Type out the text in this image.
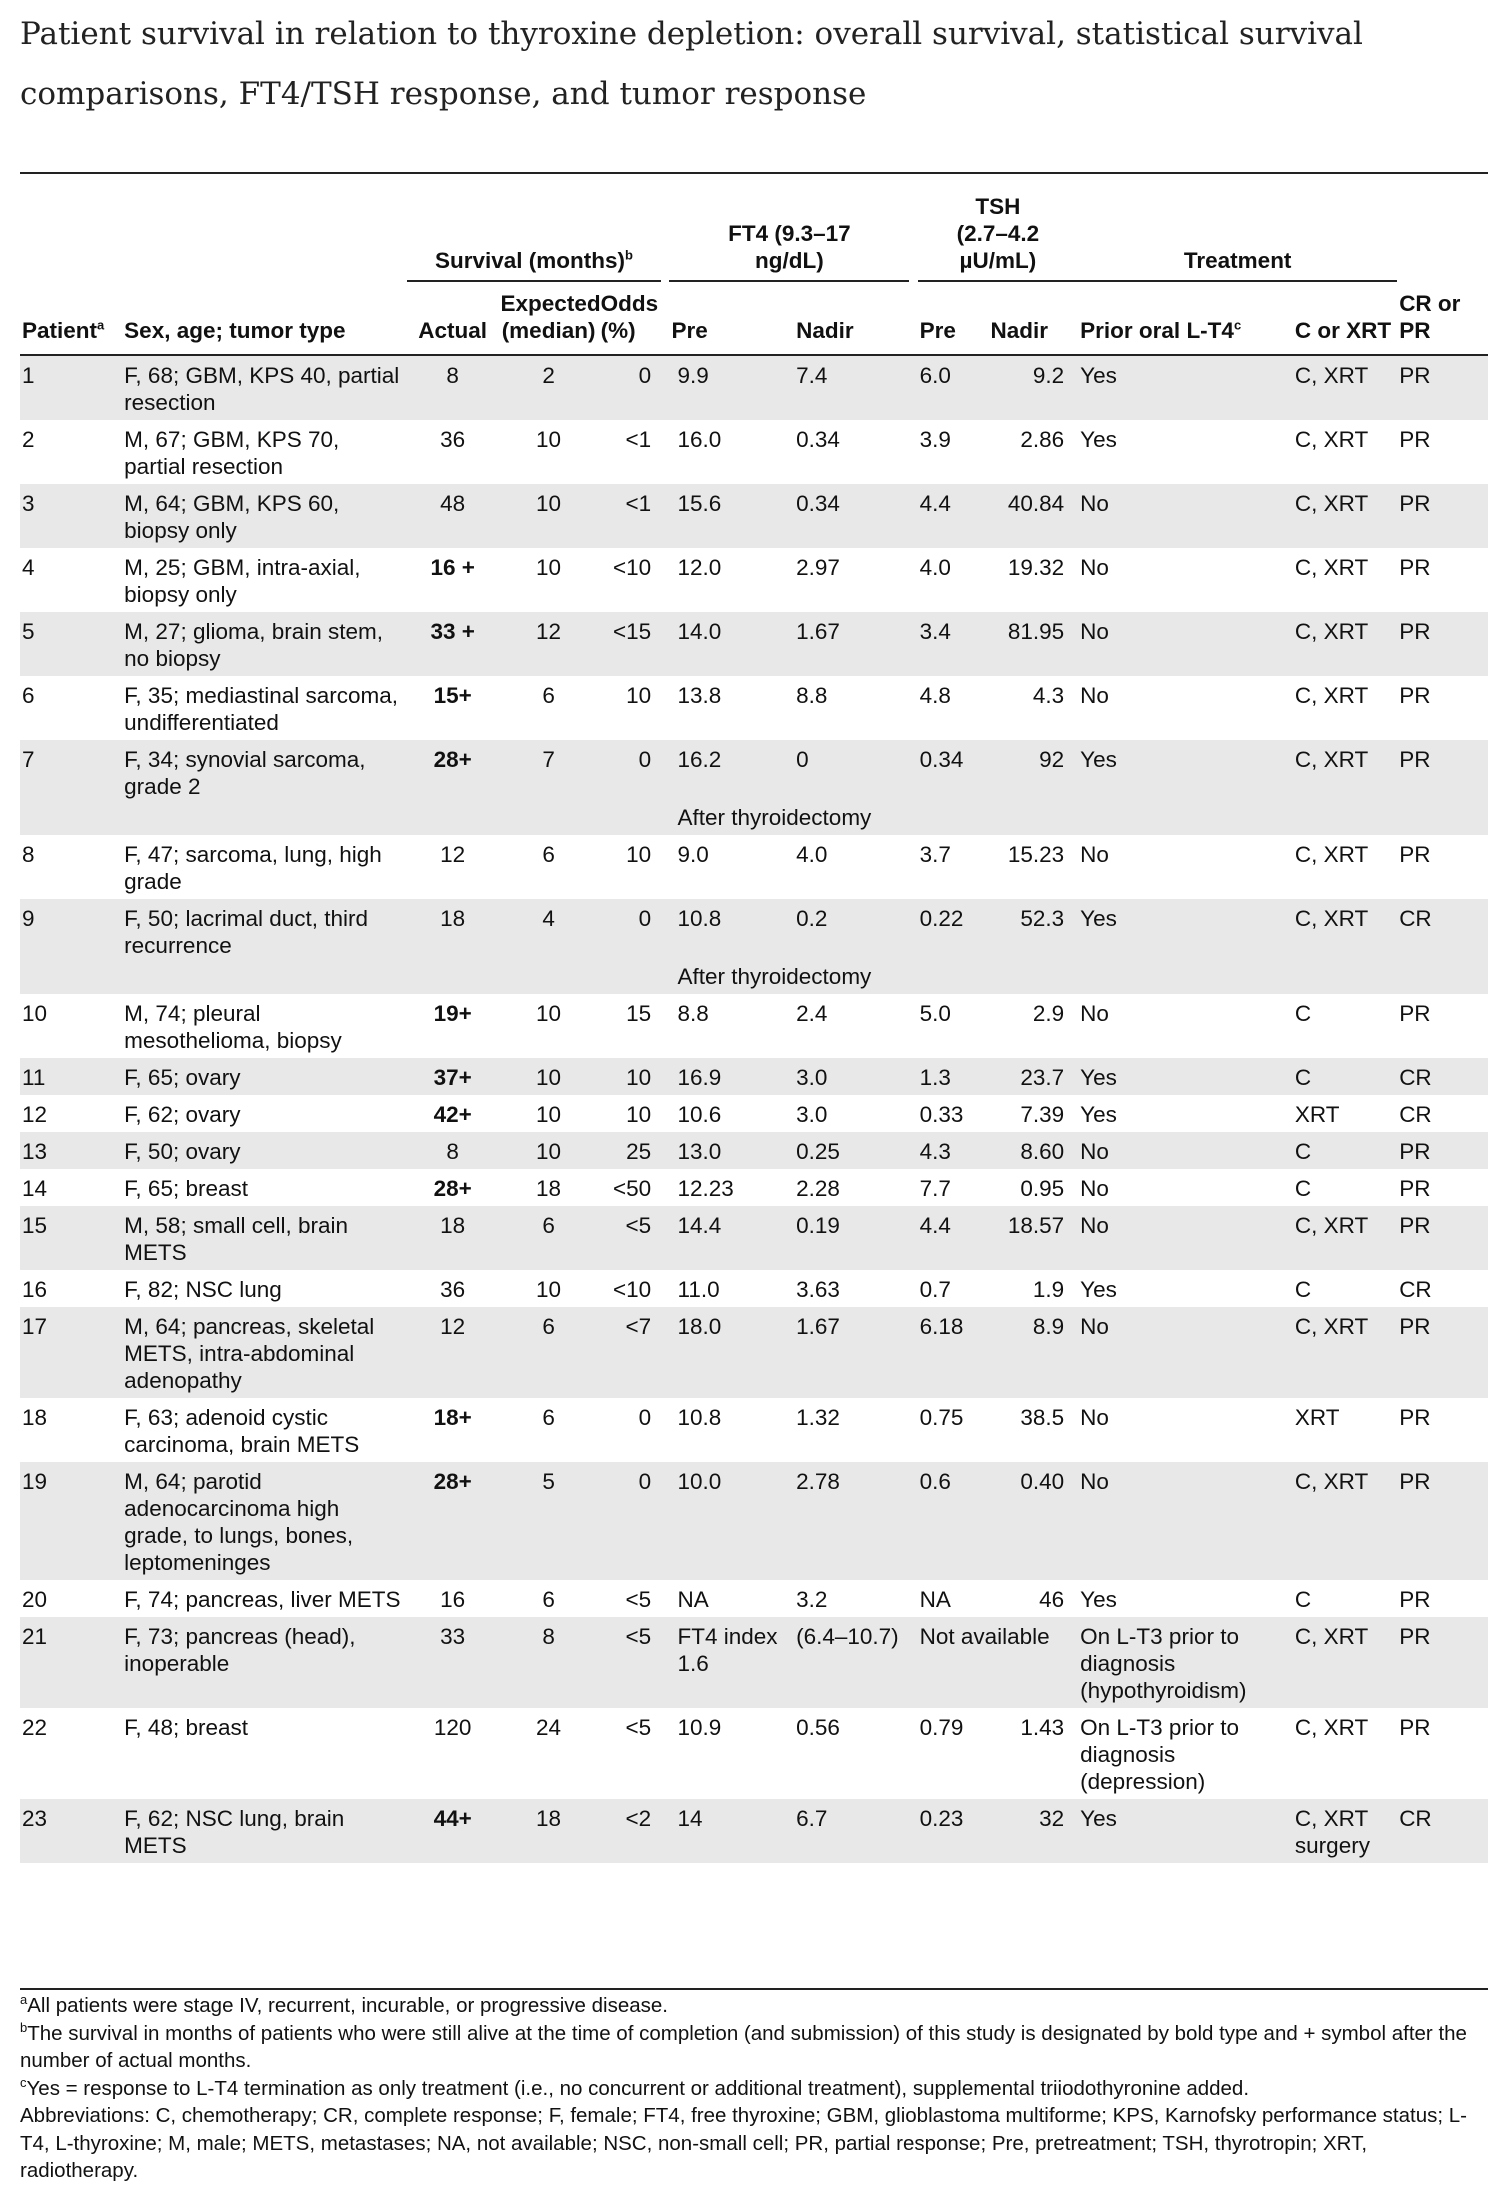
Patient survival in relation to thyroxine depletion: overall survival, statistical survival comparisons, FT4/TSH response, and tumor response
		Survival (months)$^b$				FT4 (9.3–17 ng/dL)			TSH (2.7–4.2 µU/mL)		Treatment		
Patient$^a$	Sex, age; tumor type	Actual	Expected (median)	Odds (%)		Pre	Nadir		Pre	Nadir	Prior oral L-T4$^c$	C or XRT	CR or PR
1	F, 68; GBM, KPS 40, partial resection	8	2	0		9.9	7.4		6.0	9.2	Yes	C, XRT	PR
2	M, 67; GBM, KPS 70, partial resection	36	10	<1		16.0	0.34		3.9	2.86	Yes	C, XRT	PR
3	M, 64; GBM, KPS 60, biopsy only	48	10	<1		15.6	0.34		4.4	40.84	No	C, XRT	PR
4	M, 25; GBM, intra-axial, biopsy only	16 +	10	<10		12.0	2.97		4.0	19.32	No	C, XRT	PR
5	M, 27; glioma, brain stem, no biopsy	33 +	12	<15		14.0	1.67		3.4	81.95	No	C, XRT	PR
6	F, 35; mediastinal sarcoma, undifferentiated	15+	6	10		13.8	8.8		4.8	4.3	No	C, XRT	PR
7	F, 34; synovial sarcoma, grade 2	28+	7	0		16.2	0		0.34	92	Yes	C, XRT	PR
						After thyroidectomy							
8	F, 47; sarcoma, lung, high grade	12	6	10		9.0	4.0		3.7	15.23	No	C, XRT	PR
9	F, 50; lacrimal duct, third recurrence	18	4	0		10.8	0.2		0.22	52.3	Yes	C, XRT	CR
						After thyroidectomy							
10	M, 74; pleural mesothelioma, biopsy	19+	10	15		8.8	2.4		5.0	2.9	No	C	PR
11	F, 65; ovary	37+	10	10		16.9	3.0		1.3	23.7	Yes	C	CR
12	F, 62; ovary	42+	10	10		10.6	3.0		0.33	7.39	Yes	XRT	CR
13	F, 50; ovary	8	10	25		13.0	0.25		4.3	8.60	No	C	PR
14	F, 65; breast	28+	18	<50		12.23	2.28		7.7	0.95	No	C	PR
15	M, 58; small cell, brain METS	18	6	<5		14.4	0.19		4.4	18.57	No	C, XRT	PR
16	F, 82; NSC lung	36	10	<10		11.0	3.63		0.7	1.9	Yes	C	CR
17	M, 64; pancreas, skeletal METS, intra-abdominal adenopathy	12	6	<7		18.0	1.67		6.18	8.9	No	C, XRT	PR
18	F, 63; adenoid cystic carcinoma, brain METS	18+	6	0		10.8	1.32		0.75	38.5	No	XRT	PR
19	M, 64; parotid adenocarcinoma high grade, to lungs, bones, leptomeninges	28+	5	0		10.0	2.78		0.6	0.40	No	C, XRT	PR
20	F, 74; pancreas, liver METS	16	6	<5		NA	3.2		NA	46	Yes	C	PR
21	F, 73; pancreas (head), inoperable	33	8	<5		FT4 index 1.6	(6.4–10.7)		Not available		On L-T3 prior to diagnosis (hypothyroidism)	C, XRT	PR
22	F, 48; breast	120	24	<5		10.9	0.56		0.79	1.43	On L-T3 prior to diagnosis (depression)	C, XRT	PR
23	F, 62; NSC lung, brain METS	44+	18	<2		14	6.7		0.23	32	Yes	C, XRT surgery	CR

$^a$All patients were stage IV, recurrent, incurable, or progressive disease.

$^b$The survival in months of patients who were still alive at the time of completion (and submission) of this study is designated by bold type and + symbol after the number of actual months.

$^c$Yes = response to L-T4 termination as only treatment (i.e., no concurrent or additional treatment), supplemental triiodothyronine added.

Abbreviations: C, chemotherapy; CR, complete response; F, female; FT4, free thyroxine; GBM, glioblastoma multiforme; KPS, Karnofsky performance status; L-T4, L-thyroxine; M, male; METS, metastases; NA, not available; NSC, non-small cell; PR, partial response; Pre, pretreatment; TSH, thyrotropin; XRT, radiotherapy.
